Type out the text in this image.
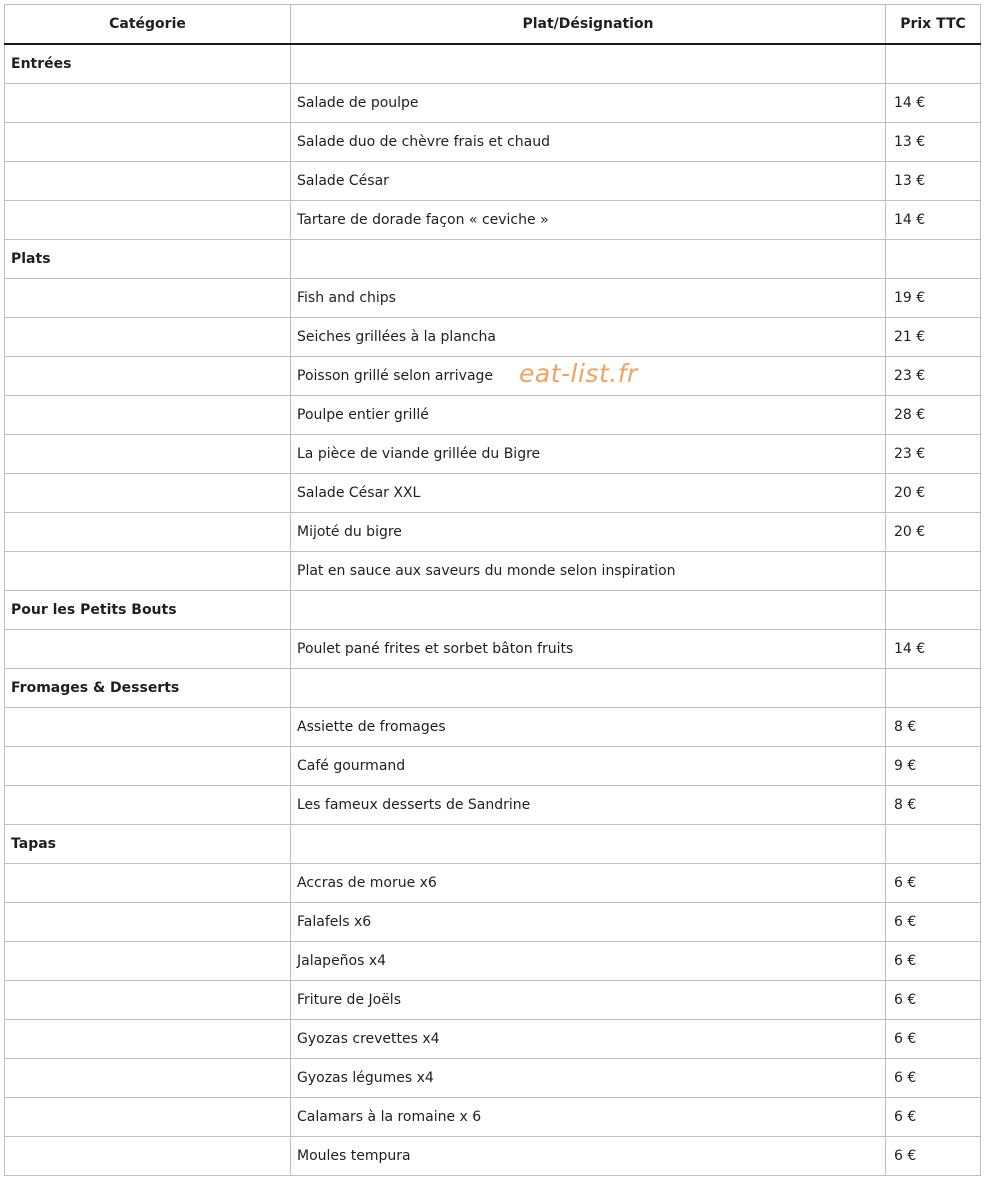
Catégorie	Plat/Désignation	Prix TTC
Entrées		
	Salade de poulpe	14 €
	Salade duo de chèvre frais et chaud	13 €
	Salade César	13 €
	Tartare de dorade façon « ceviche »	14 €
Plats		
	Fish and chips	19 €
	Seiches grillées à la plancha	21 €
	Poisson grillé selon arrivage	23 €
	Poulpe entier grillé	28 €
	La pièce de viande grillée du Bigre	23 €
	Salade César XXL	20 €
	Mijoté du bigre	20 €
	Plat en sauce aux saveurs du monde selon inspiration	
Pour les Petits Bouts		
	Poulet pané frites et sorbet bâton fruits	14 €
Fromages & Desserts		
	Assiette de fromages	8 €
	Café gourmand	9 €
	Les fameux desserts de Sandrine	8 €
Tapas		
	Accras de morue x6	6 €
	Falafels x6	6 €
	Jalapeños x4	6 €
	Friture de Joëls	6 €
	Gyozas crevettes x4	6 €
	Gyozas légumes x4	6 €
	Calamars à la romaine x 6	6 €
	Moules tempura	6 €
eat-list.fr
